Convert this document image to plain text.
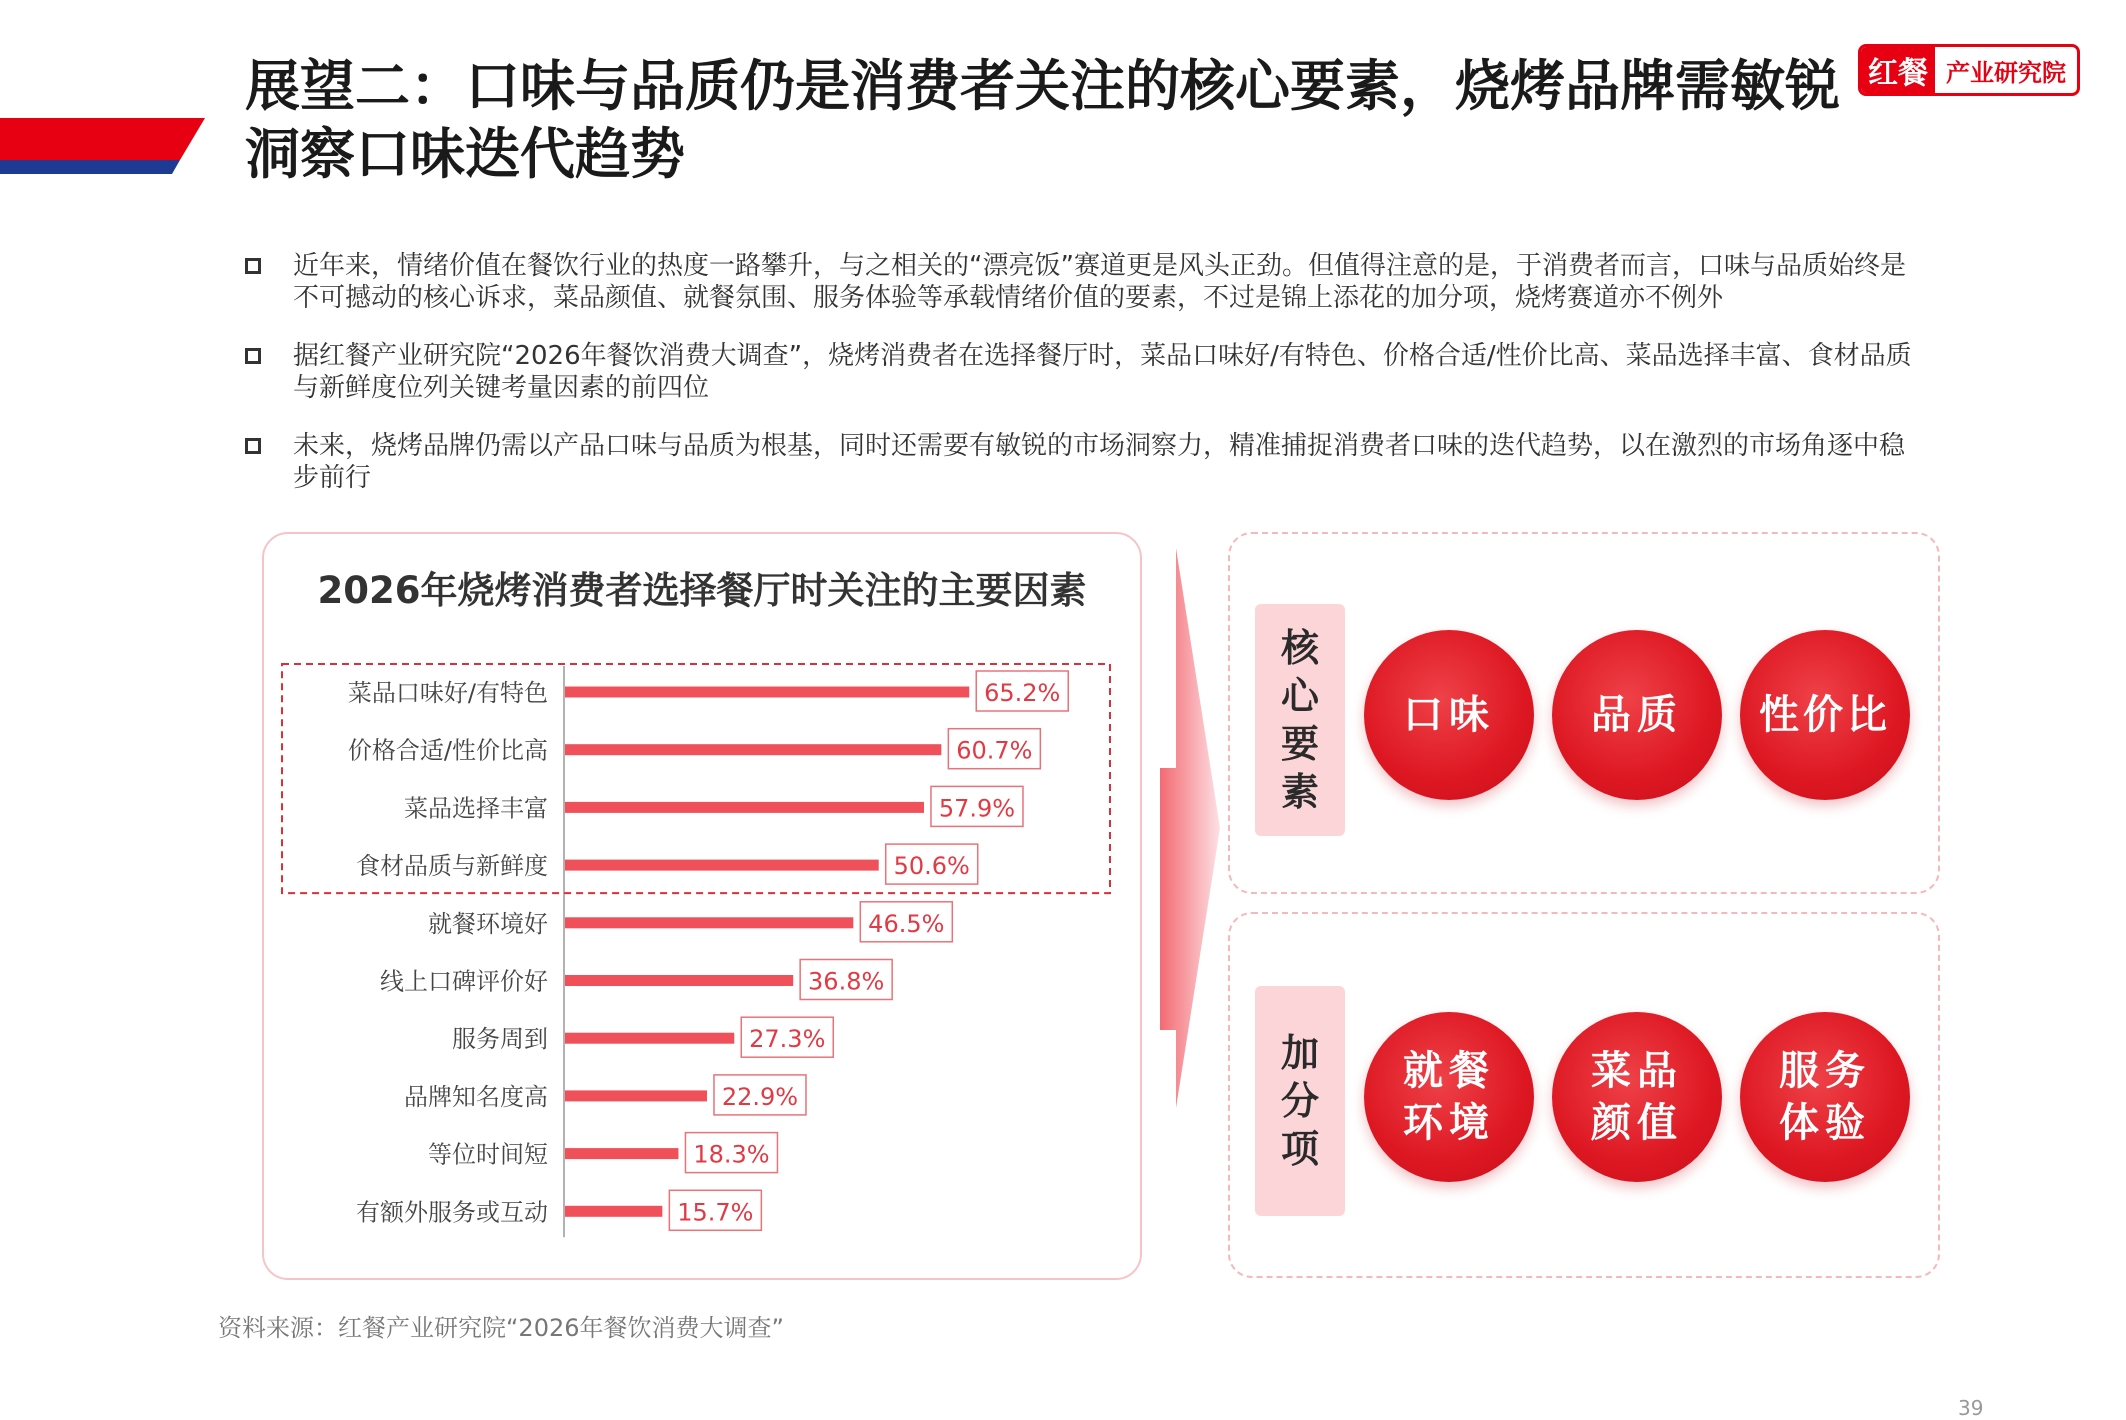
展望二：口味与品质仍是消费者关注的核心要素，烧烤品牌需敏锐洞察口味迭代趋势
红餐 产业研究院
近年来，情绪价值在餐饮行业的热度一路攀升，与之相关的“漂亮饭”赛道更是风头正劲。但值得注意的是，于消费者而言，口味与品质始终是不可撼动的核心诉求，菜品颜值、就餐氛围、服务体验等承载情绪价值的要素，不过是锦上添花的加分项，烧烤赛道亦不例外
据红餐产业研究院“2026年餐饮消费大调查”，烧烤消费者在选择餐厅时，菜品口味好/有特色、价格合适/性价比高、菜品选择丰富、食材品质与新鲜度位列关键考量因素的前四位
未来，烧烤品牌仍需以产品口味与品质为根基，同时还需要有敏锐的市场洞察力，精准捕捉消费者口味的迭代趋势，以在激烈的市场角逐中稳步前行
2026年烧烤消费者选择餐厅时关注的主要因素
菜品口味好/有特色	65.2%
价格合适/性价比高	60.7%
菜品选择丰富	57.9%
食材品质与新鲜度	50.6%
就餐环境好	46.5%
线上口碑评价好	36.8%
服务周到	27.3%
品牌知名度高	22.9%
等位时间短	18.3%
有额外服务或互动	15.7%
核
心
要
素
口味 品质 性价比
加
分
项
就餐
环境
菜品
颜值
服务
体验
资料来源：红餐产业研究院“2026年餐饮消费大调查”
39
